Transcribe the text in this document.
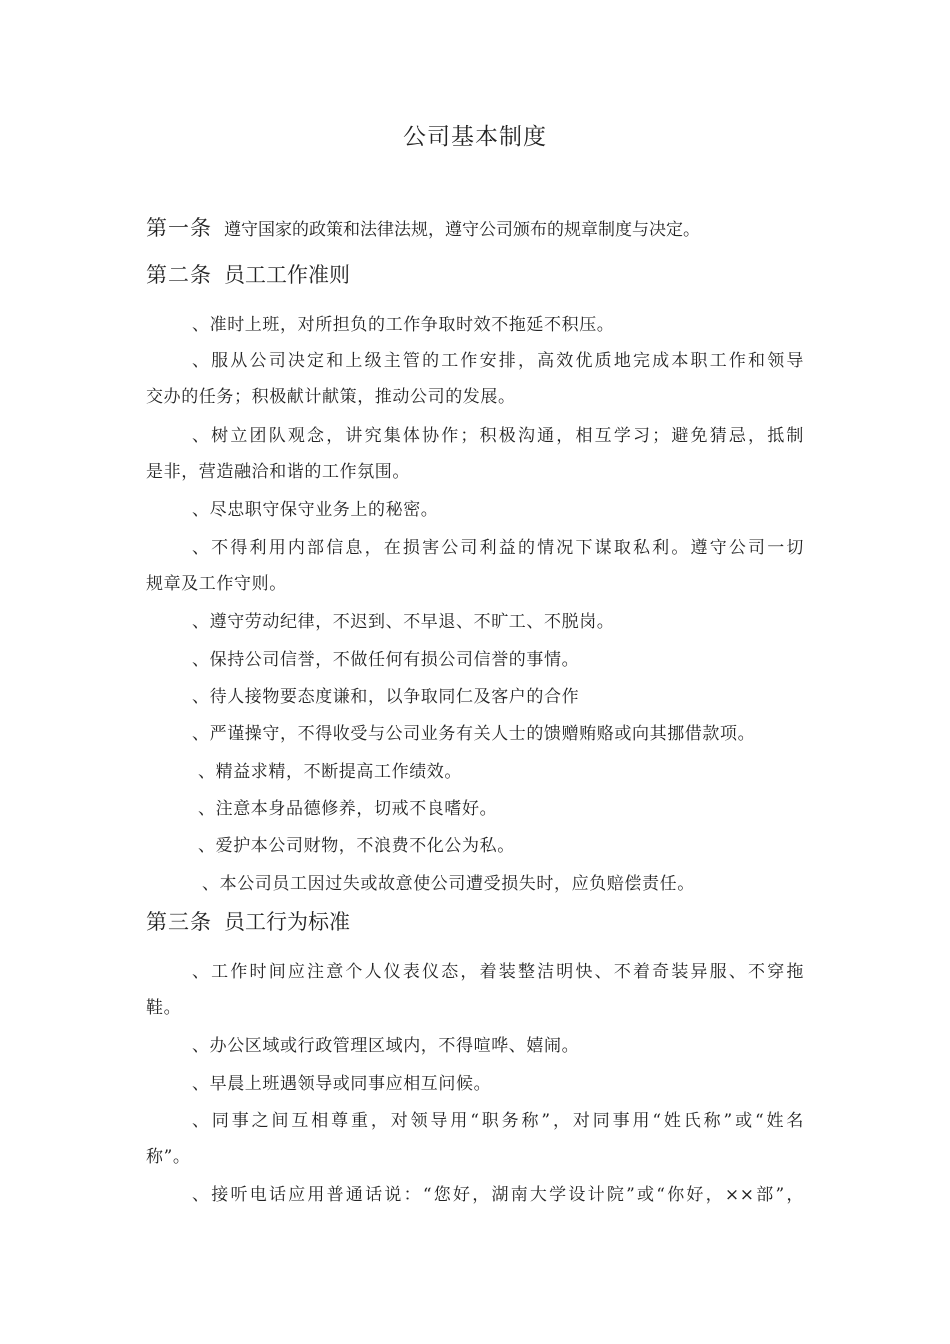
公司基本制度
第一条 遵守国家的政策和法律法规，遵守公司颁布的规章制度与决定。
第二条 员工工作准则
、准时上班，对所担负的工作争取时效不拖延不积压。
、服从公司决定和上级主管的工作安排，高效优质地完成本职工作和领导
交办的任务；积极献计献策，推动公司的发展。
、树立团队观念，讲究集体协作；积极沟通，相互学习；避免猜忌，抵制
是非，营造融洽和谐的工作氛围。
、尽忠职守保守业务上的秘密。
、不得利用内部信息，在损害公司利益的情况下谋取私利。遵守公司一切
规章及工作守则。
、遵守劳动纪律，不迟到、不早退、不旷工、不脱岗。
、保持公司信誉，不做任何有损公司信誉的事情。
、待人接物要态度谦和，以争取同仁及客户的合作
、严谨操守，不得收受与公司业务有关人士的馈赠贿赂或向其挪借款项。
、精益求精，不断提高工作绩效。
、注意本身品德修养，切戒不良嗜好。
、爱护本公司财物，不浪费不化公为私。
、本公司员工因过失或故意使公司遭受损失时，应负赔偿责任。
第三条 员工行为标准
、工作时间应注意个人仪表仪态，着装整洁明快、不着奇装异服、不穿拖
鞋。
、办公区域或行政管理区域内，不得喧哗、嬉闹。
、早晨上班遇领导或同事应相互问候。
、同事之间互相尊重，对领导用“职务称”，对同事用“姓氏称”或“姓名
称”。
、接听电话应用普通话说：“您好，湖南大学设计院”或“你好，××部”，
